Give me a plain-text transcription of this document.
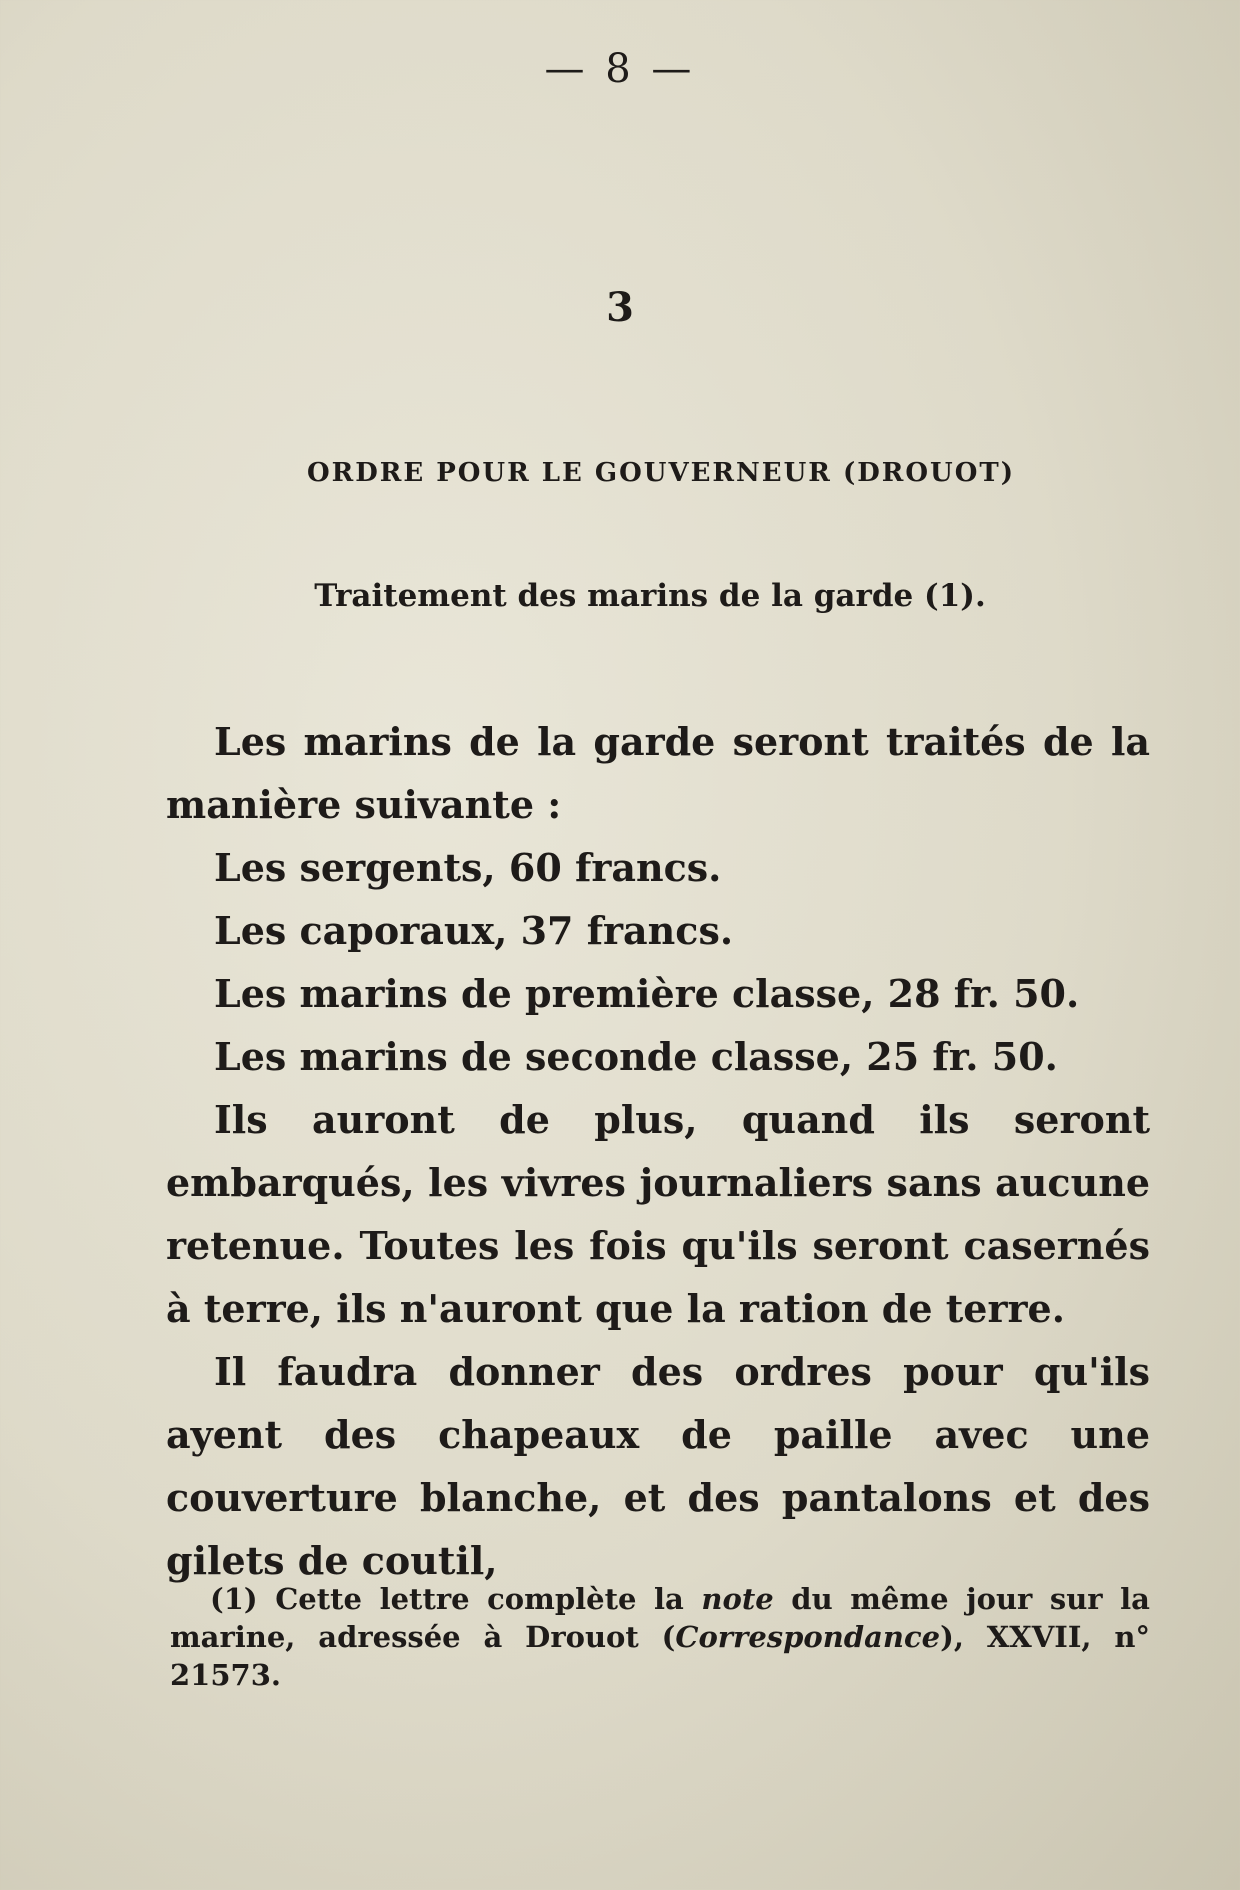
— 8 —
3
ORDRE POUR LE GOUVERNEUR (DROUOT)
Traitement des marins de la garde (1).

Les marins de la garde seront traités de la manière suivante :

Les sergents, 60 francs.

Les caporaux, 37 francs.

Les marins de première classe, 28 fr. 50.

Les marins de seconde classe, 25 fr. 50.

Ils auront de plus, quand ils seront embarqués, les vivres journaliers sans aucune retenue. Toutes les fois qu'ils seront casernés à terre, ils n'auront que la ration de terre.

Il faudra donner des ordres pour qu'ils ayent des chapeaux de paille avec une couverture blanche, et des pantalons et des gilets de coutil,

(1) Cette lettre complète la note du même jour sur la marine, adressée à Drouot (Correspondance), XXVII, n° 21573.
